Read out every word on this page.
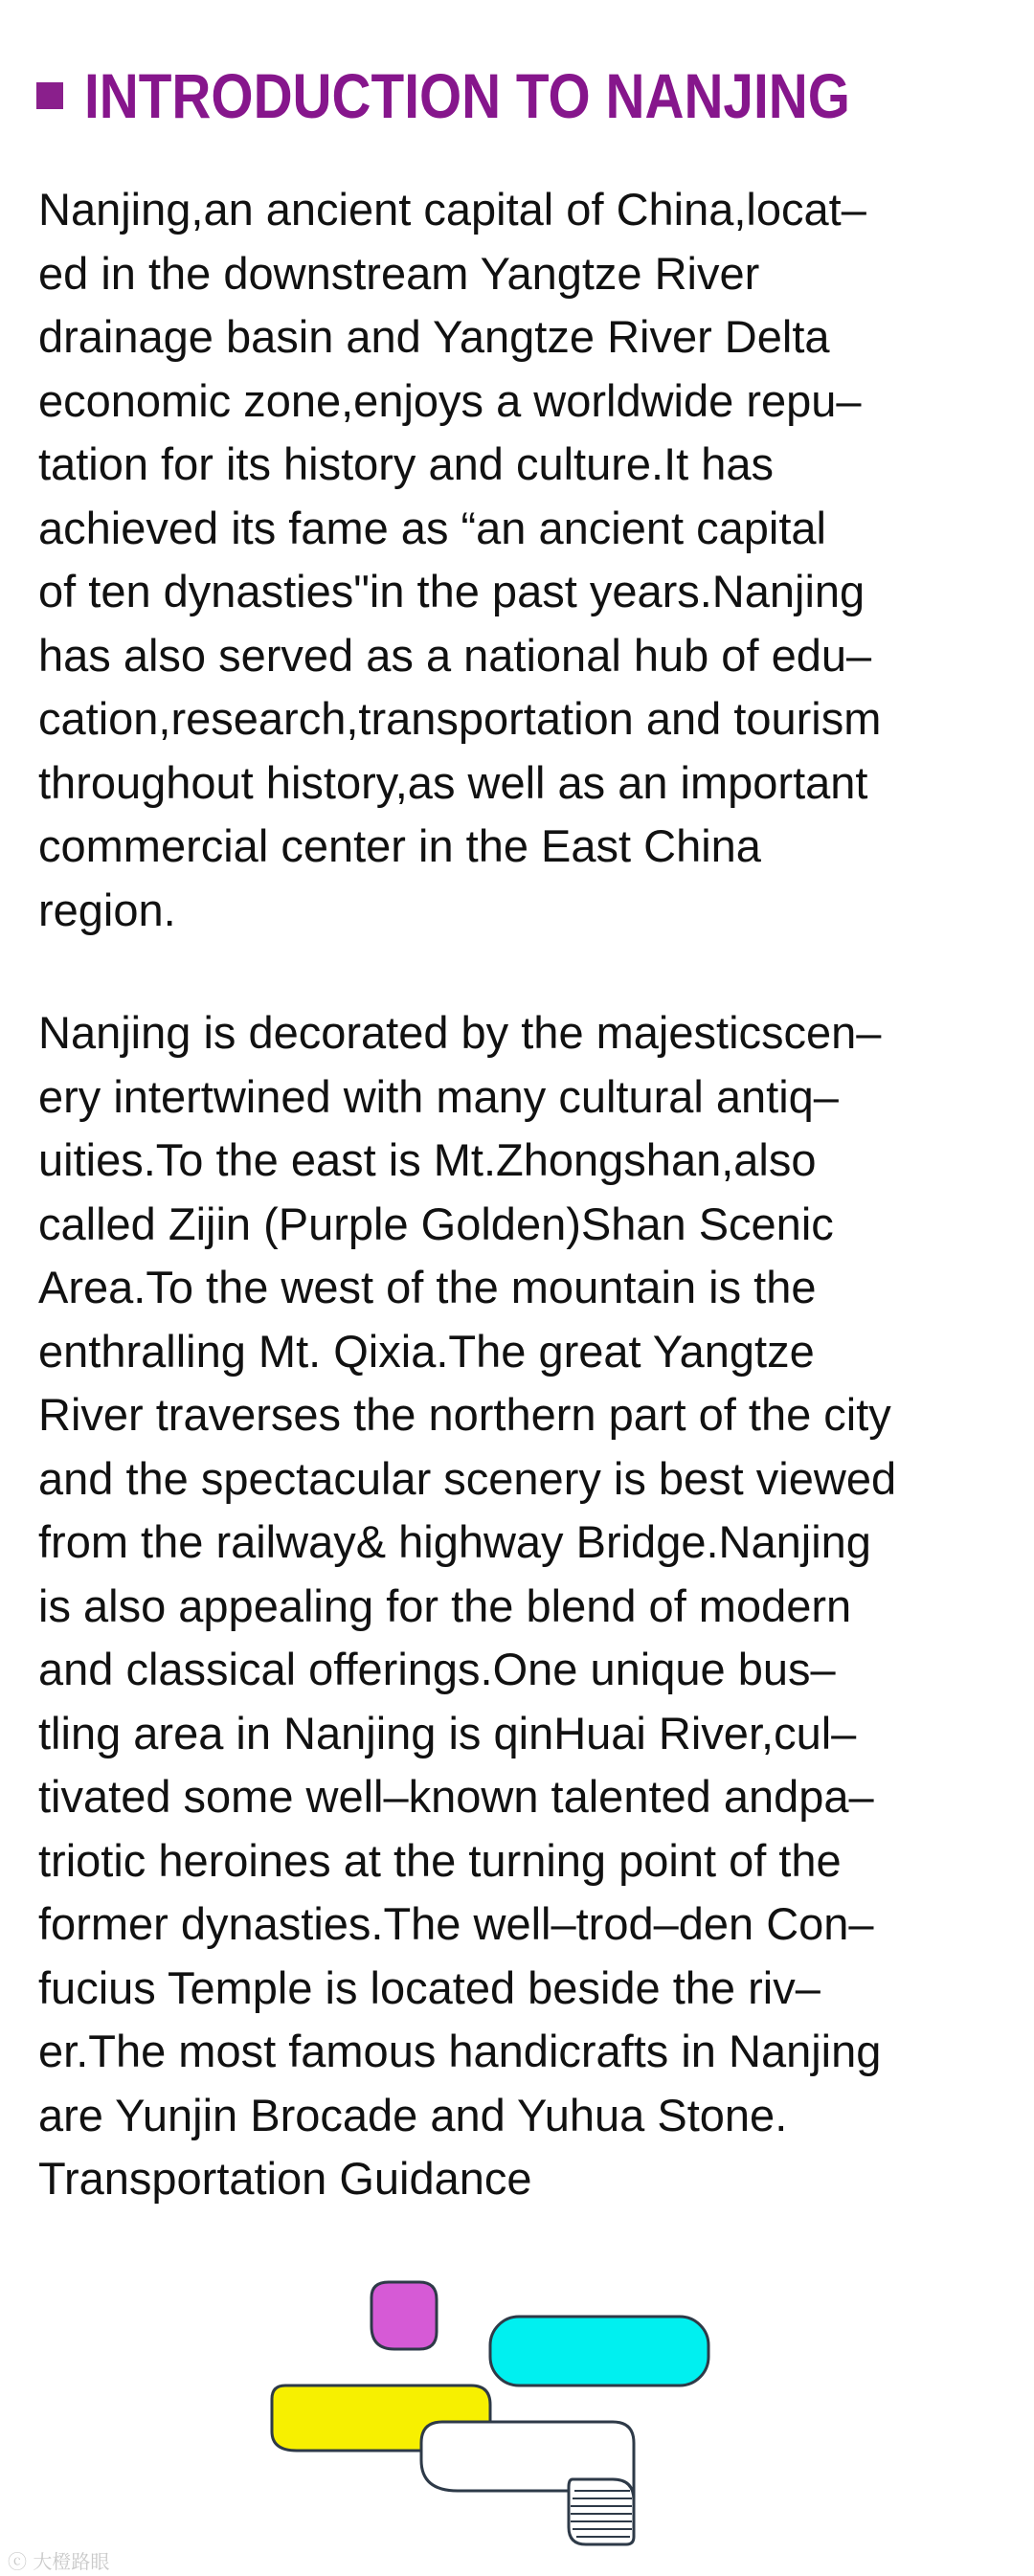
INTRODUCTION TO NANJING
Nanjing,an ancient capital of China,locat–
ed in the downstream Yangtze River
drainage basin and Yangtze River Delta
economic zone,enjoys a worldwide repu–
tation for its history and culture.It has
achieved its fame as “an ancient capital
of ten dynasties"in the past years.Nanjing
has also served as a national hub of edu–
cation,research,transportation and tourism
throughout history,as well as an important
commercial center in the East China
region.
Nanjing is decorated by the majesticscen–
ery intertwined with many cultural antiq–
uities.To the east is Mt.Zhongshan,also
called Zijin (Purple Golden)Shan Scenic
Area.To the west of the mountain is the
enthralling Mt. Qixia.The great Yangtze
River traverses the northern part of the city
and the spectacular scenery is best viewed
from the railway& highway Bridge.Nanjing
is also appealing for the blend of modern
and classical offerings.One unique bus–
tling area in Nanjing is qinHuai River,cul–
tivated some well–known talented andpa–
triotic heroines at the turning point of the
former dynasties.The well–trod–den Con–
fucius Temple is located beside the riv–
er.The most famous handicrafts in Nanjing
are Yunjin Brocade and Yuhua Stone.
Transportation Guidance
ⓒ 大橙路眼
